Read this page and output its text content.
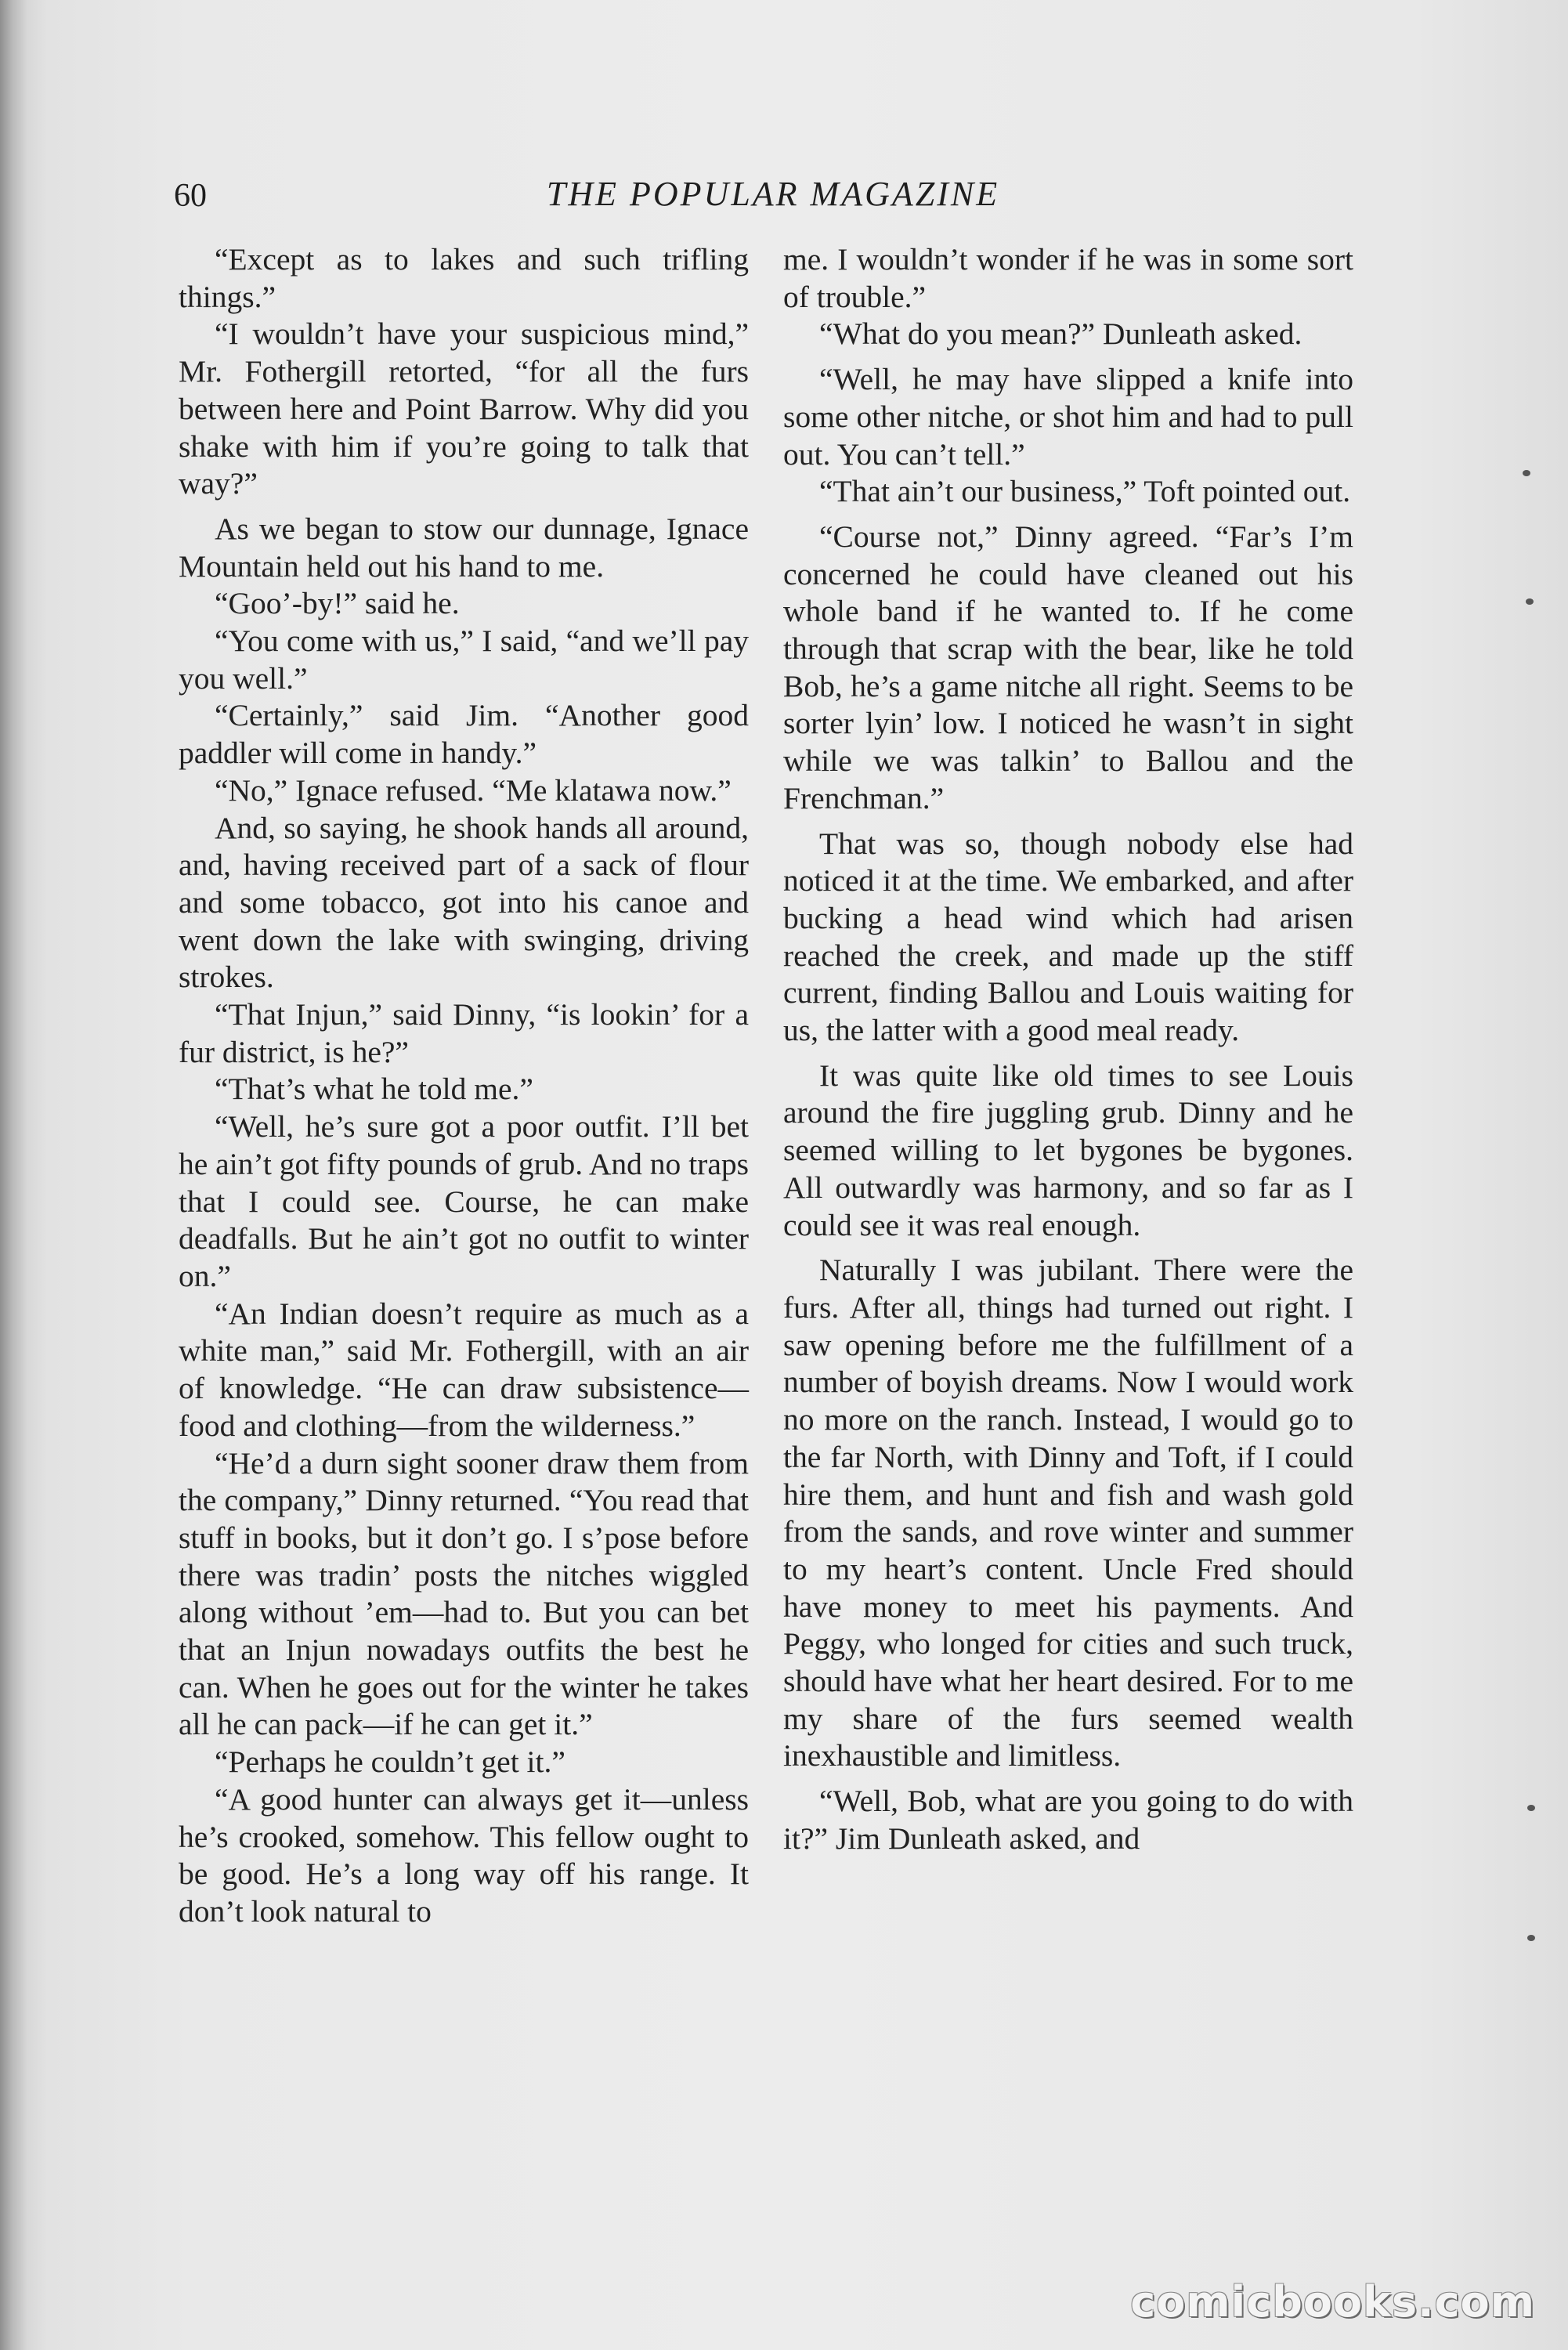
60	THE POPULAR MAGAZINE

“Except as to lakes and such trifling things.”

“I wouldn’t have your suspicious mind,” Mr. Fothergill retorted, “for all the furs between here and Point Barrow. Why did you shake with him if you’re going to talk that way?”

As we began to stow our dunnage, Ignace Mountain held out his hand to me.

“Goo’-by!” said he.

“You come with us,” I said, “and we’ll pay you well.”

“Certainly,” said Jim. “Another good paddler will come in handy.”

“No,” Ignace refused. “Me klatawa now.”

And, so saying, he shook hands all around, and, having received part of a sack of flour and some tobacco, got into his canoe and went down the lake with swinging, driving strokes.

“That Injun,” said Dinny, “is lookin’ for a fur district, is he?”

“That’s what he told me.”

“Well, he’s sure got a poor outfit. I’ll bet he ain’t got fifty pounds of grub. And no traps that I could see. Course, he can make deadfalls. But he ain’t got no outfit to winter on.”

“An Indian doesn’t require as much as a white man,” said Mr. Fothergill, with an air of knowledge. “He can draw subsistence—food and clothing—from the wilderness.”

“He’d a durn sight sooner draw them from the company,” Dinny returned. “You read that stuff in books, but it don’t go. I s’pose before there was tradin’ posts the nitches wiggled along without ’em—had to. But you can bet that an Injun nowadays outfits the best he can. When he goes out for the winter he takes all he can pack—if he can get it.”

“Perhaps he couldn’t get it.”

“A good hunter can always get it—unless he’s crooked, somehow. This fellow ought to be good. He’s a long way off his range. It don’t look natural to

me. I wouldn’t wonder if he was in some sort of trouble.”

“What do you mean?” Dunleath asked.

“Well, he may have slipped a knife into some other nitche, or shot him and had to pull out. You can’t tell.”

“That ain’t our business,” Toft pointed out.

“Course not,” Dinny agreed. “Far’s I’m concerned he could have cleaned out his whole band if he wanted to. If he come through that scrap with the bear, like he told Bob, he’s a game nitche all right. Seems to be sorter lyin’ low. I noticed he wasn’t in sight while we was talkin’ to Ballou and the Frenchman.”

That was so, though nobody else had noticed it at the time. We embarked, and after bucking a head wind which had arisen reached the creek, and made up the stiff current, finding Ballou and Louis waiting for us, the latter with a good meal ready.

It was quite like old times to see Louis around the fire juggling grub. Dinny and he seemed willing to let bygones be bygones. All outwardly was harmony, and so far as I could see it was real enough.

Naturally I was jubilant. There were the furs. After all, things had turned out right. I saw opening before me the fulfillment of a number of boyish dreams. Now I would work no more on the ranch. Instead, I would go to the far North, with Dinny and Toft, if I could hire them, and hunt and fish and wash gold from the sands, and rove winter and summer to my heart’s content. Uncle Fred should have money to meet his payments. And Peggy, who longed for cities and such truck, should have what her heart desired. For to me my share of the furs seemed wealth inexhaustible and limitless.

“Well, Bob, what are you going to do with it?” Jim Dunleath asked, and

comicbooks.com
